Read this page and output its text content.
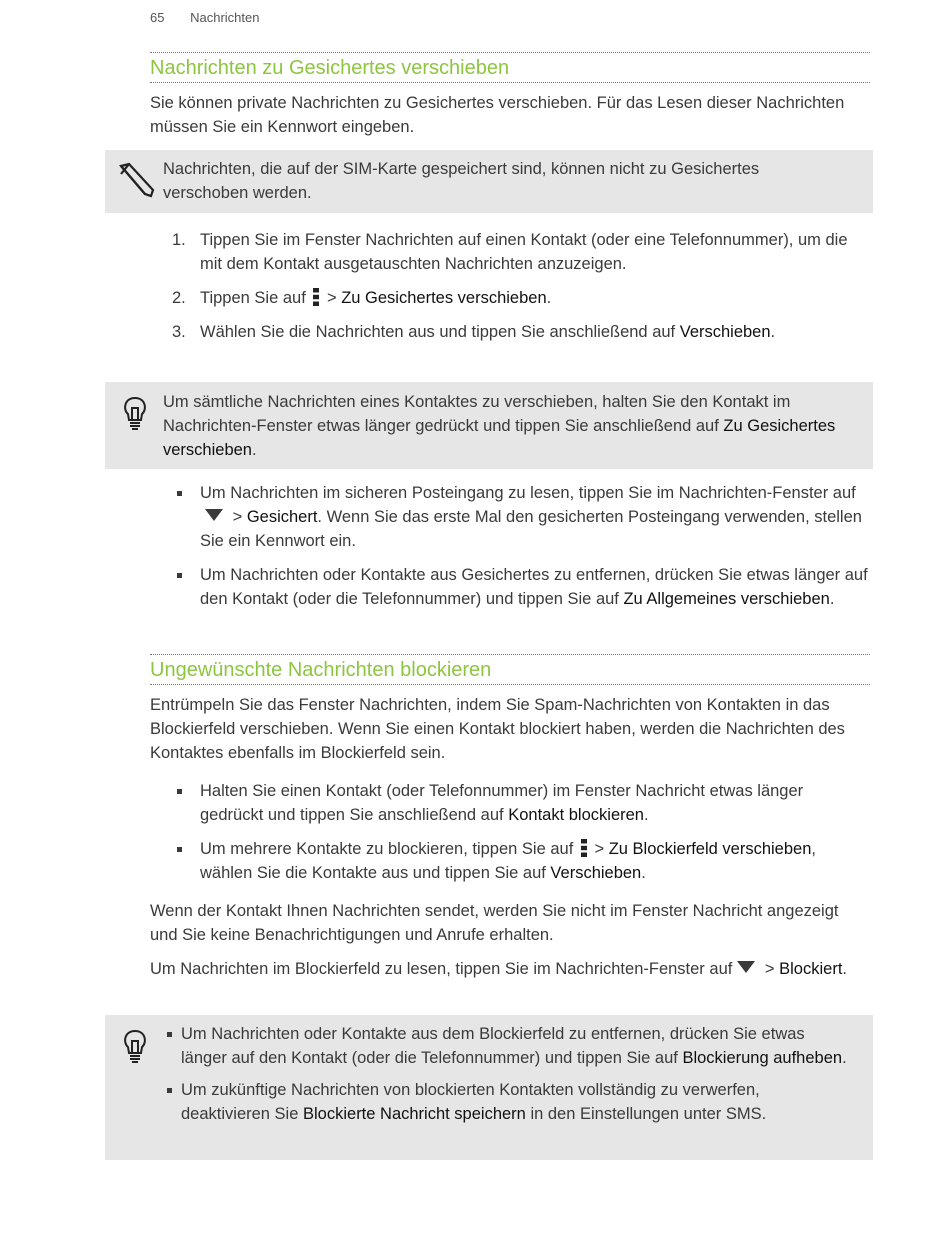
65 Nachrichten
Nachrichten zu Gesichertes verschieben

Sie können private Nachrichten zu Gesichertes verschieben. Für das Lesen dieser Nachrichten müssen Sie ein Kennwort eingeben.

Nachrichten, die auf der SIM-Karte gespeichert sind, können nicht zu Gesichertes verschoben werden.
1. Tippen Sie im Fenster Nachrichten auf einen Kontakt (oder eine Telefonnummer), um die mit dem Kontakt ausgetauschten Nachrichten anzuzeigen.
2. Tippen Sie auf  > Zu Gesichertes verschieben.
3. Wählen Sie die Nachrichten aus und tippen Sie anschließend auf Verschieben.
Um sämtliche Nachrichten eines Kontaktes zu verschieben, halten Sie den Kontakt im Nachrichten-Fenster etwas länger gedrückt und tippen Sie anschließend auf Zu Gesichertes verschieben.
Um Nachrichten im sicheren Posteingang zu lesen, tippen Sie im Nachrichten-Fenster auf > Gesichert. Wenn Sie das erste Mal den gesicherten Posteingang verwenden, stellen Sie ein Kennwort ein.
Um Nachrichten oder Kontakte aus Gesichertes zu entfernen, drücken Sie etwas länger auf den Kontakt (oder die Telefonnummer) und tippen Sie auf Zu Allgemeines verschieben.
Ungewünschte Nachrichten blockieren

Entrümpeln Sie das Fenster Nachrichten, indem Sie Spam-Nachrichten von Kontakten in das Blockierfeld verschieben. Wenn Sie einen Kontakt blockiert haben, werden die Nachrichten des Kontaktes ebenfalls im Blockierfeld sein.

Halten Sie einen Kontakt (oder Telefonnummer) im Fenster Nachricht etwas länger gedrückt und tippen Sie anschließend auf Kontakt blockieren.
Um mehrere Kontakte zu blockieren, tippen Sie auf  > Zu Blockierfeld verschieben, wählen Sie die Kontakte aus und tippen Sie auf Verschieben.

Wenn der Kontakt Ihnen Nachrichten sendet, werden Sie nicht im Fenster Nachricht angezeigt und Sie keine Benachrichtigungen und Anrufe erhalten.

Um Nachrichten im Blockierfeld zu lesen, tippen Sie im Nachrichten-Fenster auf > Blockiert.

Um Nachrichten oder Kontakte aus dem Blockierfeld zu entfernen, drücken Sie etwas länger auf den Kontakt (oder die Telefonnummer) und tippen Sie auf Blockierung aufheben.
Um zukünftige Nachrichten von blockierten Kontakten vollständig zu verwerfen, deaktivieren Sie Blockierte Nachricht speichern in den Einstellungen unter SMS.
